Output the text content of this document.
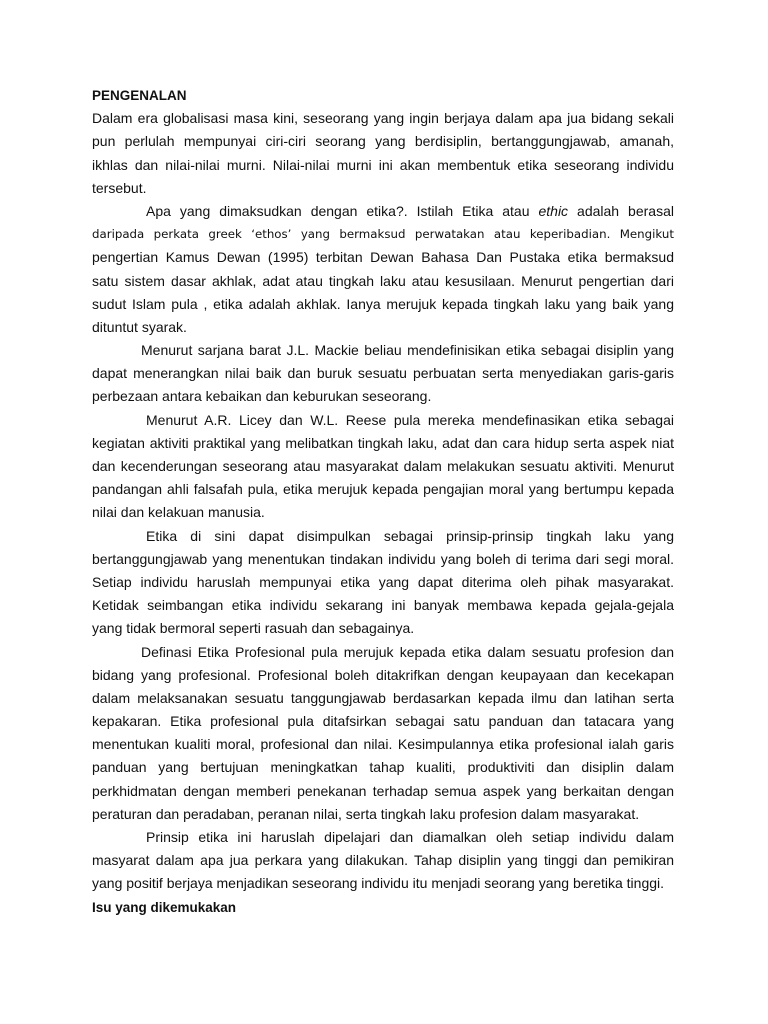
PENGENALAN
Dalam era globalisasi masa kini, seseorang yang ingin berjaya dalam apa jua bidang sekali
pun perlulah mempunyai ciri-ciri seorang yang berdisiplin, bertanggungjawab, amanah,
ikhlas dan nilai-nilai murni. Nilai-nilai murni ini akan membentuk etika seseorang individu
tersebut.
Apa yang dimaksudkan dengan etika?. Istilah Etika atau ethic adalah berasal
daripada perkata greek ‘ethos’ yang bermaksud perwatakan atau keperibadian. Mengikut
pengertian Kamus Dewan (1995) terbitan Dewan Bahasa Dan Pustaka etika bermaksud
satu sistem dasar akhlak, adat atau tingkah laku atau kesusilaan. Menurut pengertian dari
sudut Islam pula , etika adalah akhlak. Ianya merujuk kepada tingkah laku yang baik yang
dituntut syarak.
Menurut sarjana barat J.L. Mackie beliau mendefinisikan etika sebagai disiplin yang
dapat menerangkan nilai baik dan buruk sesuatu perbuatan serta menyediakan garis-garis
perbezaan antara kebaikan dan keburukan seseorang.
Menurut A.R. Licey dan W.L. Reese pula mereka mendefinasikan etika sebagai
kegiatan aktiviti praktikal yang melibatkan tingkah laku, adat dan cara hidup serta aspek niat
dan kecenderungan seseorang atau masyarakat dalam melakukan sesuatu aktiviti. Menurut
pandangan ahli falsafah pula, etika merujuk kepada pengajian moral yang bertumpu kepada
nilai dan kelakuan manusia.
Etika di sini dapat disimpulkan sebagai prinsip-prinsip tingkah laku yang
bertanggungjawab yang menentukan tindakan individu yang boleh di terima dari segi moral.
Setiap individu haruslah mempunyai etika yang dapat diterima oleh pihak masyarakat.
Ketidak seimbangan etika individu sekarang ini banyak membawa kepada gejala-gejala
yang tidak bermoral seperti rasuah dan sebagainya.
Definasi Etika Profesional pula merujuk kepada etika dalam sesuatu profesion dan
bidang yang profesional. Profesional boleh ditakrifkan dengan keupayaan dan kecekapan
dalam melaksanakan sesuatu tanggungjawab berdasarkan kepada ilmu dan latihan serta
kepakaran. Etika profesional pula ditafsirkan sebagai satu panduan dan tatacara yang
menentukan kualiti moral, profesional dan nilai. Kesimpulannya etika profesional ialah garis
panduan yang bertujuan meningkatkan tahap kualiti, produktiviti dan disiplin dalam
perkhidmatan dengan memberi penekanan terhadap semua aspek yang berkaitan dengan
peraturan dan peradaban, peranan nilai, serta tingkah laku profesion dalam masyarakat.
Prinsip etika ini haruslah dipelajari dan diamalkan oleh setiap individu dalam
masyarat dalam apa jua perkara yang dilakukan. Tahap disiplin yang tinggi dan pemikiran
yang positif berjaya menjadikan seseorang individu itu menjadi seorang yang beretika tinggi.
Isu yang dikemukakan
